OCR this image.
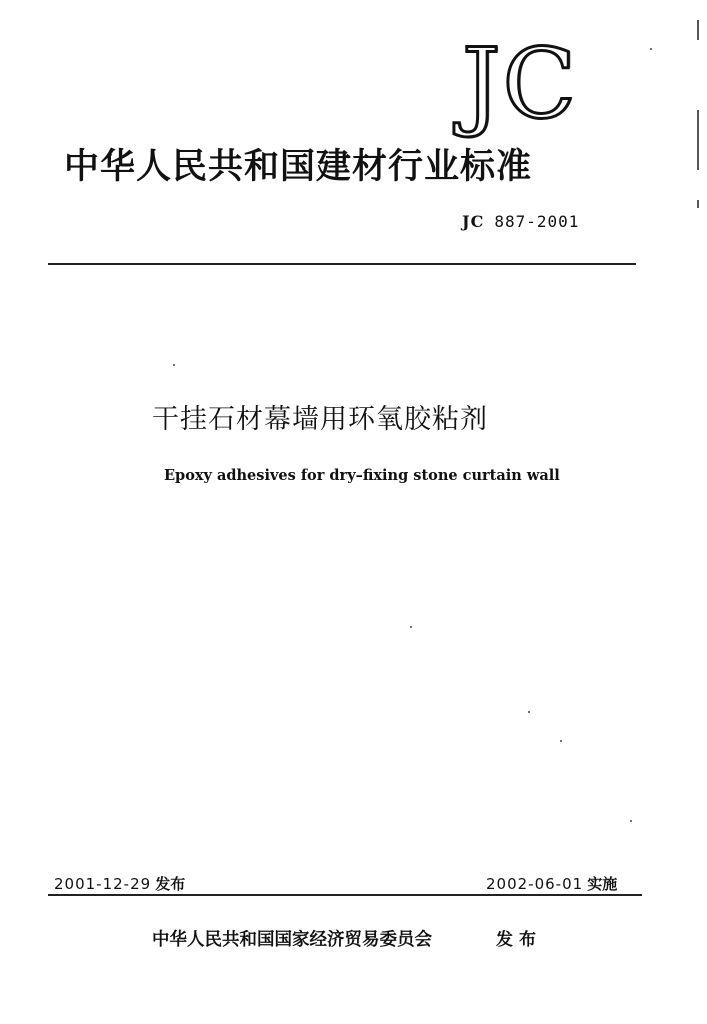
JC
中华人民共和国建材行业标准
JC 887-2001
干挂石材幕墙用环氧胶粘剂
Epoxy adhesives for dry–fixing stone curtain wall
2001-12-29 发布	2002-06-01 实施
中华人民共和国国家经济贸易委员会	发布
